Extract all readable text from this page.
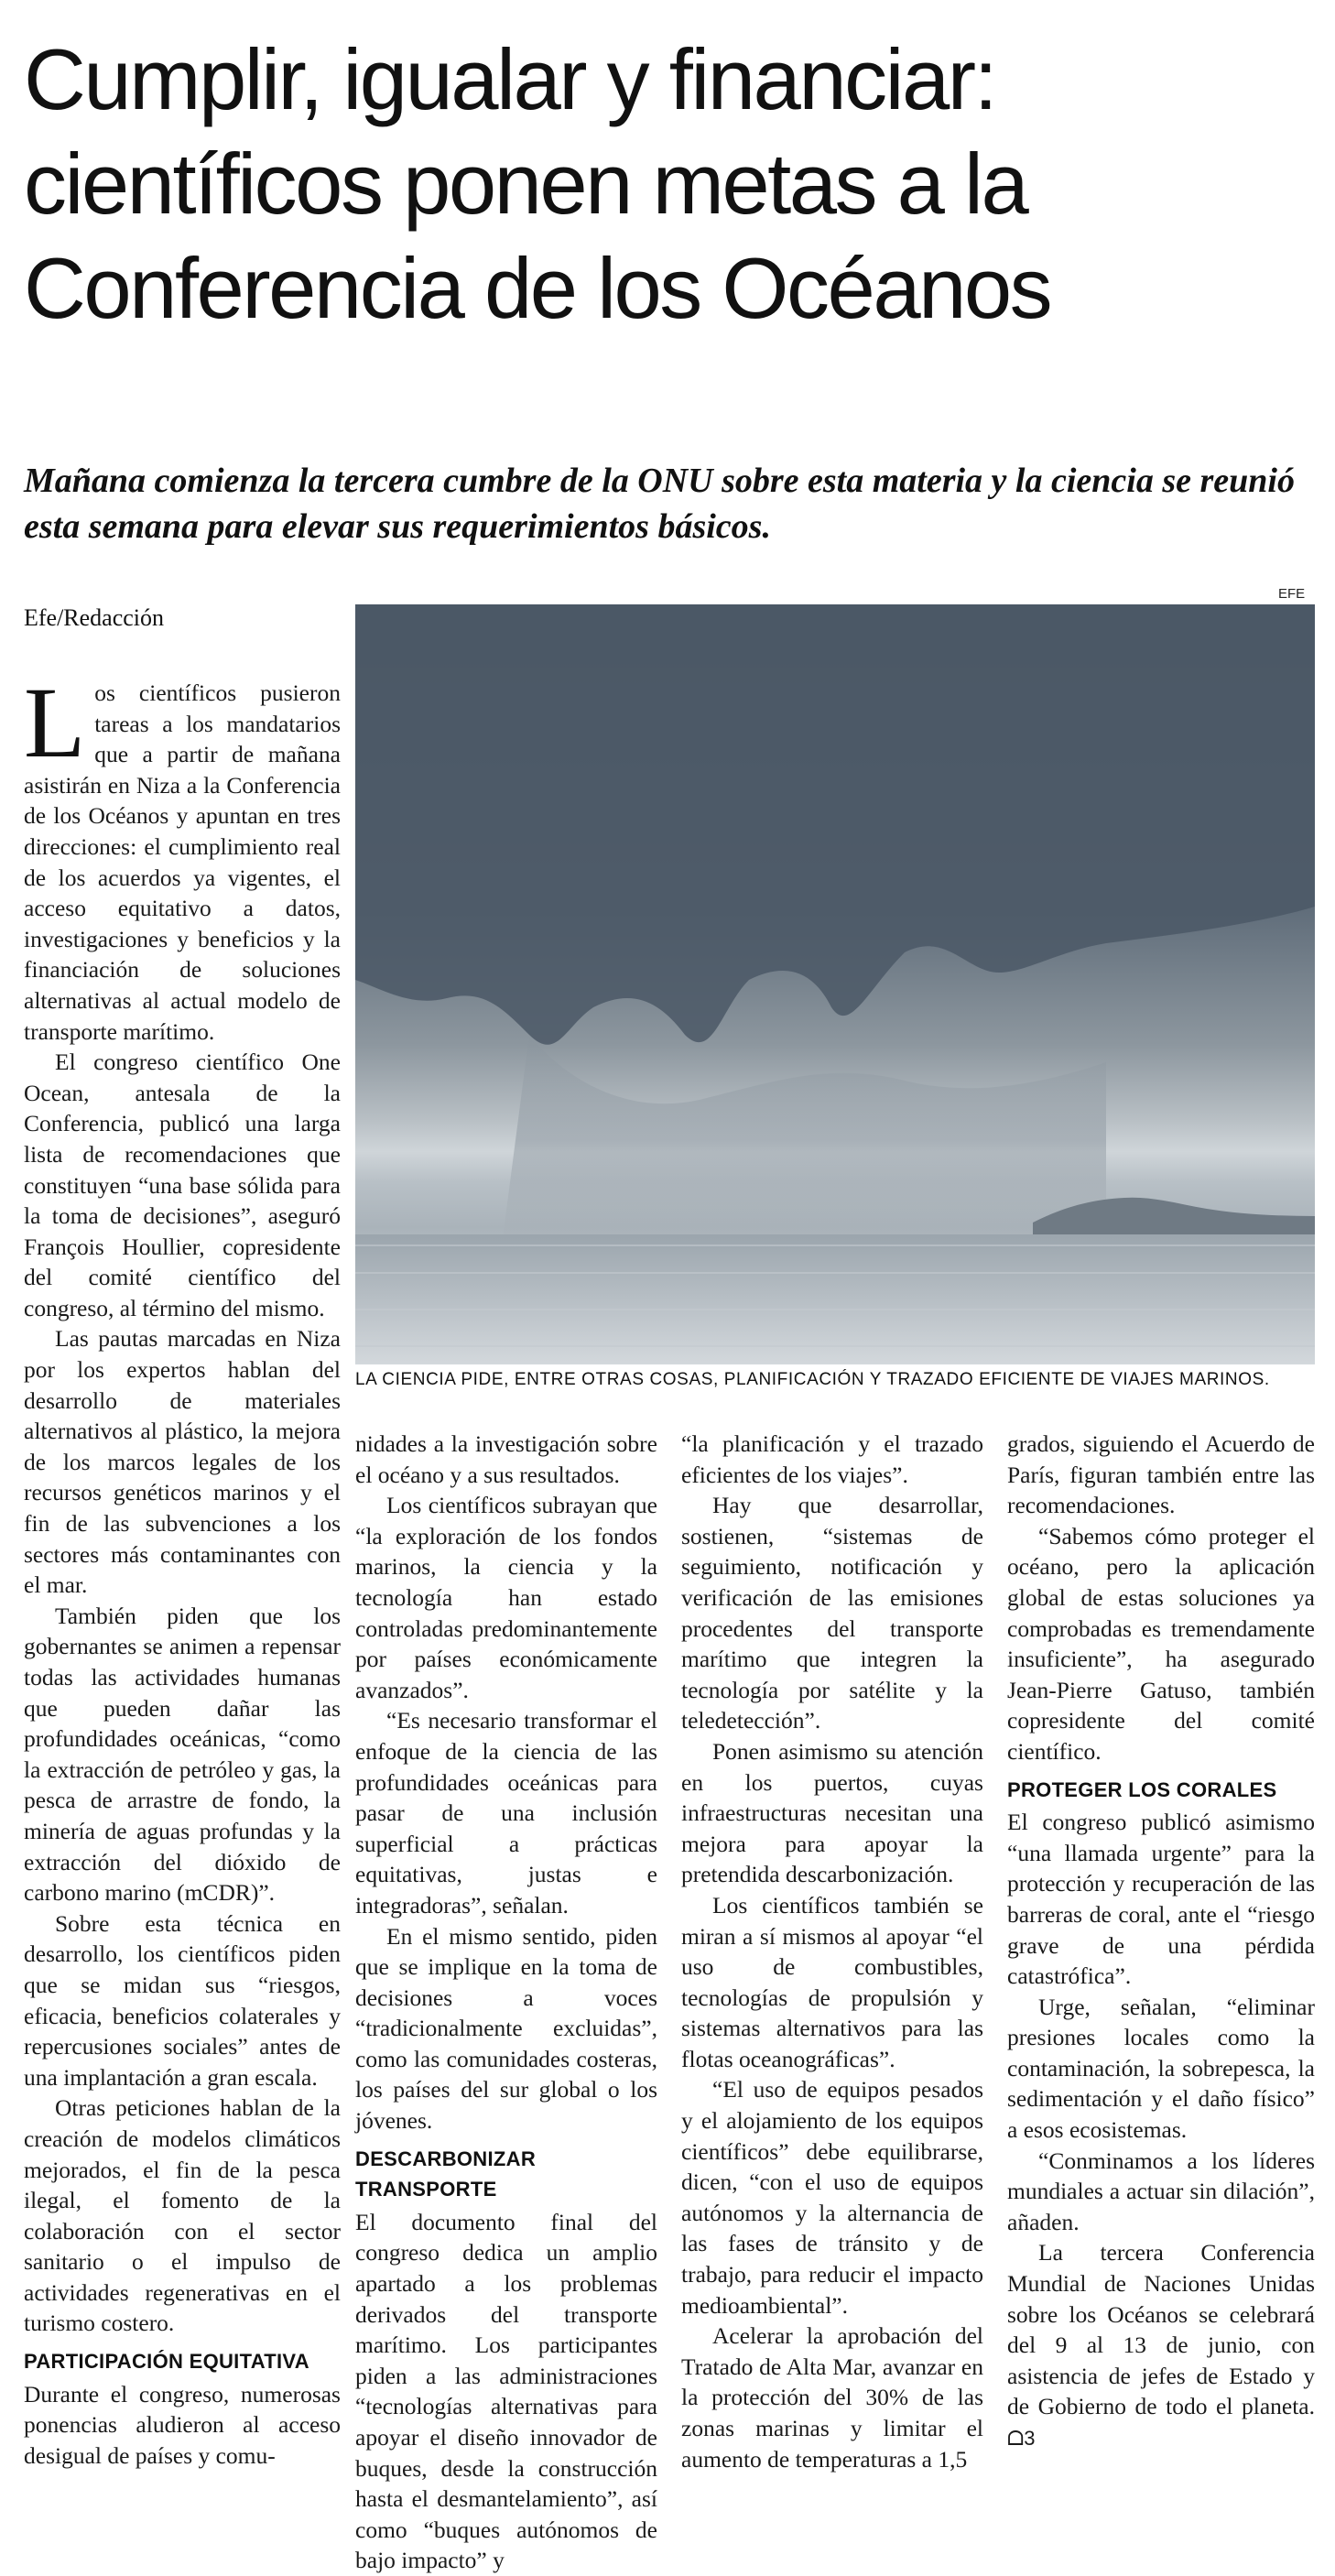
Cumplir, igualar y financiar:
científicos ponen metas a la
Conferencia de los Océanos

Mañana comienza la tercera cumbre de la ONU sobre esta materia y la ciencia se reunió esta semana para elevar sus requerimientos básicos.

Efe/Redacción
EFE
LA CIENCIA PIDE, ENTRE OTRAS COSAS, PLANIFICACIÓN Y TRAZADO EFICIENTE DE VIAJES MARINOS.

Los científicos pusieron tareas a los mandatarios que a partir de mañana asistirán en Niza a la Conferencia de los Océanos y apuntan en tres direcciones: el cumplimiento real de los acuerdos ya vigentes, el acceso equitativo a datos, investigaciones y beneficios y la financiación de soluciones alternativas al actual modelo de transporte marítimo.

El congreso científico One Ocean, antesala de la Conferencia, publicó una larga lista de recomendaciones que constituyen “una base sólida para la toma de decisiones”, aseguró François Houllier, copresidente del comité científico del congreso, al término del mismo.

Las pautas marcadas en Niza por los expertos hablan del desarrollo de materiales alternativos al plástico, la mejora de los marcos legales de los recursos genéticos marinos y el fin de las subvenciones a los sectores más contaminantes con el mar.

También piden que los gobernantes se animen a repensar todas las actividades humanas que pueden dañar las profundidades oceánicas, “como la extracción de petróleo y gas, la pesca de arrastre de fondo, la minería de aguas profundas y la extracción del dióxido de carbono marino (mCDR)”.

Sobre esta técnica en desarrollo, los científicos piden que se midan sus “riesgos, eficacia, beneficios colaterales y repercusiones sociales” antes de una implantación a gran escala.

Otras peticiones hablan de la creación de modelos climáticos mejorados, el fin de la pesca ilegal, el fomento de la colaboración con el sector sanitario o el impulso de actividades regenerativas en el turismo costero.

PARTICIPACIÓN EQUITATIVA

Durante el congreso, numerosas ponencias aludieron al acceso desigual de países y comu-

nidades a la investigación sobre el océano y a sus resultados.

Los científicos subrayan que “la exploración de los fondos marinos, la ciencia y la tecnología han estado controladas predominantemente por países económicamente avanzados”.

“Es necesario transformar el enfoque de la ciencia de las profundidades oceánicas para pasar de una inclusión superficial a prácticas equitativas, justas e integradoras”, señalan.

En el mismo sentido, piden que se implique en la toma de decisiones a voces “tradicionalmente excluidas”, como las comunidades costeras, los países del sur global o los jóvenes.

DESCARBONIZAR TRANSPORTE

El documento final del congreso dedica un amplio apartado a los problemas derivados del transporte marítimo. Los participantes piden a las administraciones “tecnologías alternativas para apoyar el diseño innovador de buques, desde la construcción hasta el desmantelamiento”, así como “buques autónomos de bajo impacto” y

“la planificación y el trazado eficientes de los viajes”.

Hay que desarrollar, sostienen, “sistemas de seguimiento, notificación y verificación de las emisiones procedentes del transporte marítimo que integren la tecnología por satélite y la teledetección”.

Ponen asimismo su atención en los puertos, cuyas infraestructuras necesitan una mejora para apoyar la pretendida descarbonización.

Los científicos también se miran a sí mismos al apoyar “el uso de combustibles, tecnologías de propulsión y sistemas alternativos para las flotas oceanográficas”.

“El uso de equipos pesados y el alojamiento de los equipos científicos” debe equilibrarse, dicen, “con el uso de equipos autónomos y la alternancia de las fases de tránsito y de trabajo, para reducir el impacto medioambiental”.

Acelerar la aprobación del Tratado de Alta Mar, avanzar en la protección del 30% de las zonas marinas y limitar el aumento de temperaturas a 1,5

grados, siguiendo el Acuerdo de París, figuran también entre las recomendaciones.

“Sabemos cómo proteger el océano, pero la aplicación global de estas soluciones ya comprobadas es tremendamente insuficiente”, ha asegurado Jean-Pierre Gatuso, también copresidente del comité científico.

PROTEGER LOS CORALES

El congreso publicó asimismo “una llamada urgente” para la protección y recuperación de las barreras de coral, ante el “riesgo grave de una pérdida catastrófica”.

Urge, señalan, “eliminar presiones locales como la contaminación, la sobrepesca, la sedimentación y el daño físico” a esos ecosistemas.

“Conminamos a los líderes mundiales a actuar sin dilación”, añaden.

La tercera Conferencia Mundial de Naciones Unidas sobre los Océanos se celebrará del 9 al 13 de junio, con asistencia de jefes de Estado y de Gobierno de todo el planeta. ᗝ3
